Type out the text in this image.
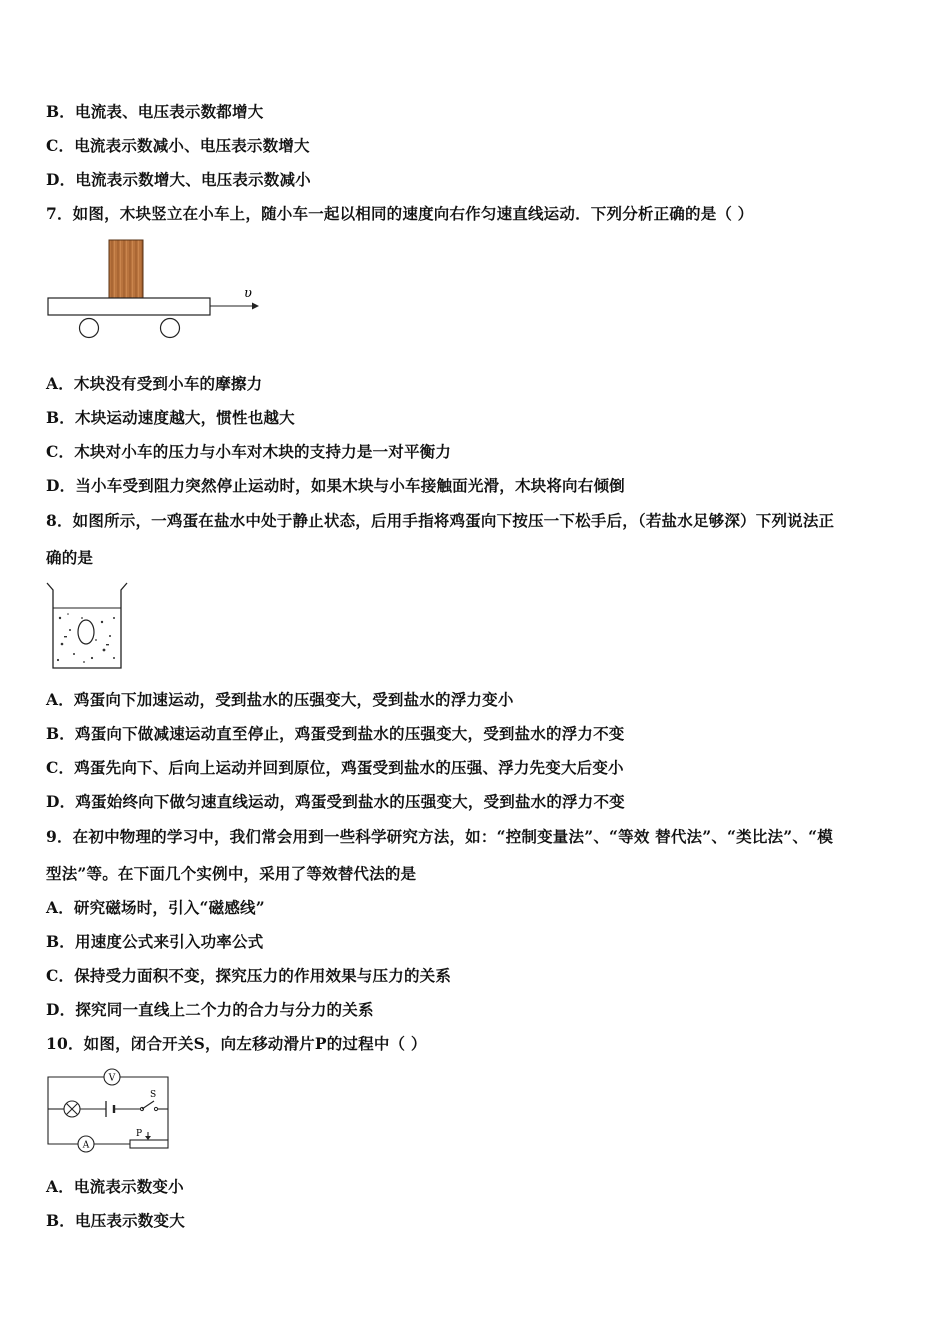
B．电流表、电压表示数都增大
C．电流表示数减小、电压表示数增大
D．电流表示数增大、电压表示数减小
7．如图，木块竖立在小车上，随小车一起以相同的速度向右作匀速直线运动．下列分析正确的是（ ）
υ
A．木块没有受到小车的摩擦力
B．木块运动速度越大，惯性也越大
C．木块对小车的压力与小车对木块的支持力是一对平衡力
D．当小车受到阻力突然停止运动时，如果木块与小车接触面光滑，木块将向右倾倒
8．如图所示，一鸡蛋在盐水中处于静止状态，后用手指将鸡蛋向下按压一下松手后，（若盐水足够深）下列说法正
确的是
A．鸡蛋向下加速运动，受到盐水的压强变大，受到盐水的浮力变小
B．鸡蛋向下做减速运动直至停止，鸡蛋受到盐水的压强变大，受到盐水的浮力不变
C．鸡蛋先向下、后向上运动并回到原位，鸡蛋受到盐水的压强、浮力先变大后变小
D．鸡蛋始终向下做匀速直线运动，鸡蛋受到盐水的压强变大，受到盐水的浮力不变
9．在初中物理的学习中，我们常会用到一些科学研究方法，如：“控制变量法”、“等效 替代法”、“类比法”、“模
型法”等。在下面几个实例中，采用了等效替代法的是
A．研究磁场时，引入“磁感线”
B．用速度公式来引入功率公式
C．保持受力面积不变，探究压力的作用效果与压力的关系
D．探究同一直线上二个力的合力与分力的关系
10．如图，闭合开关S，向左移动滑片P的过程中（ ）
V
S
A
P
A．电流表示数变小
B．电压表示数变大
